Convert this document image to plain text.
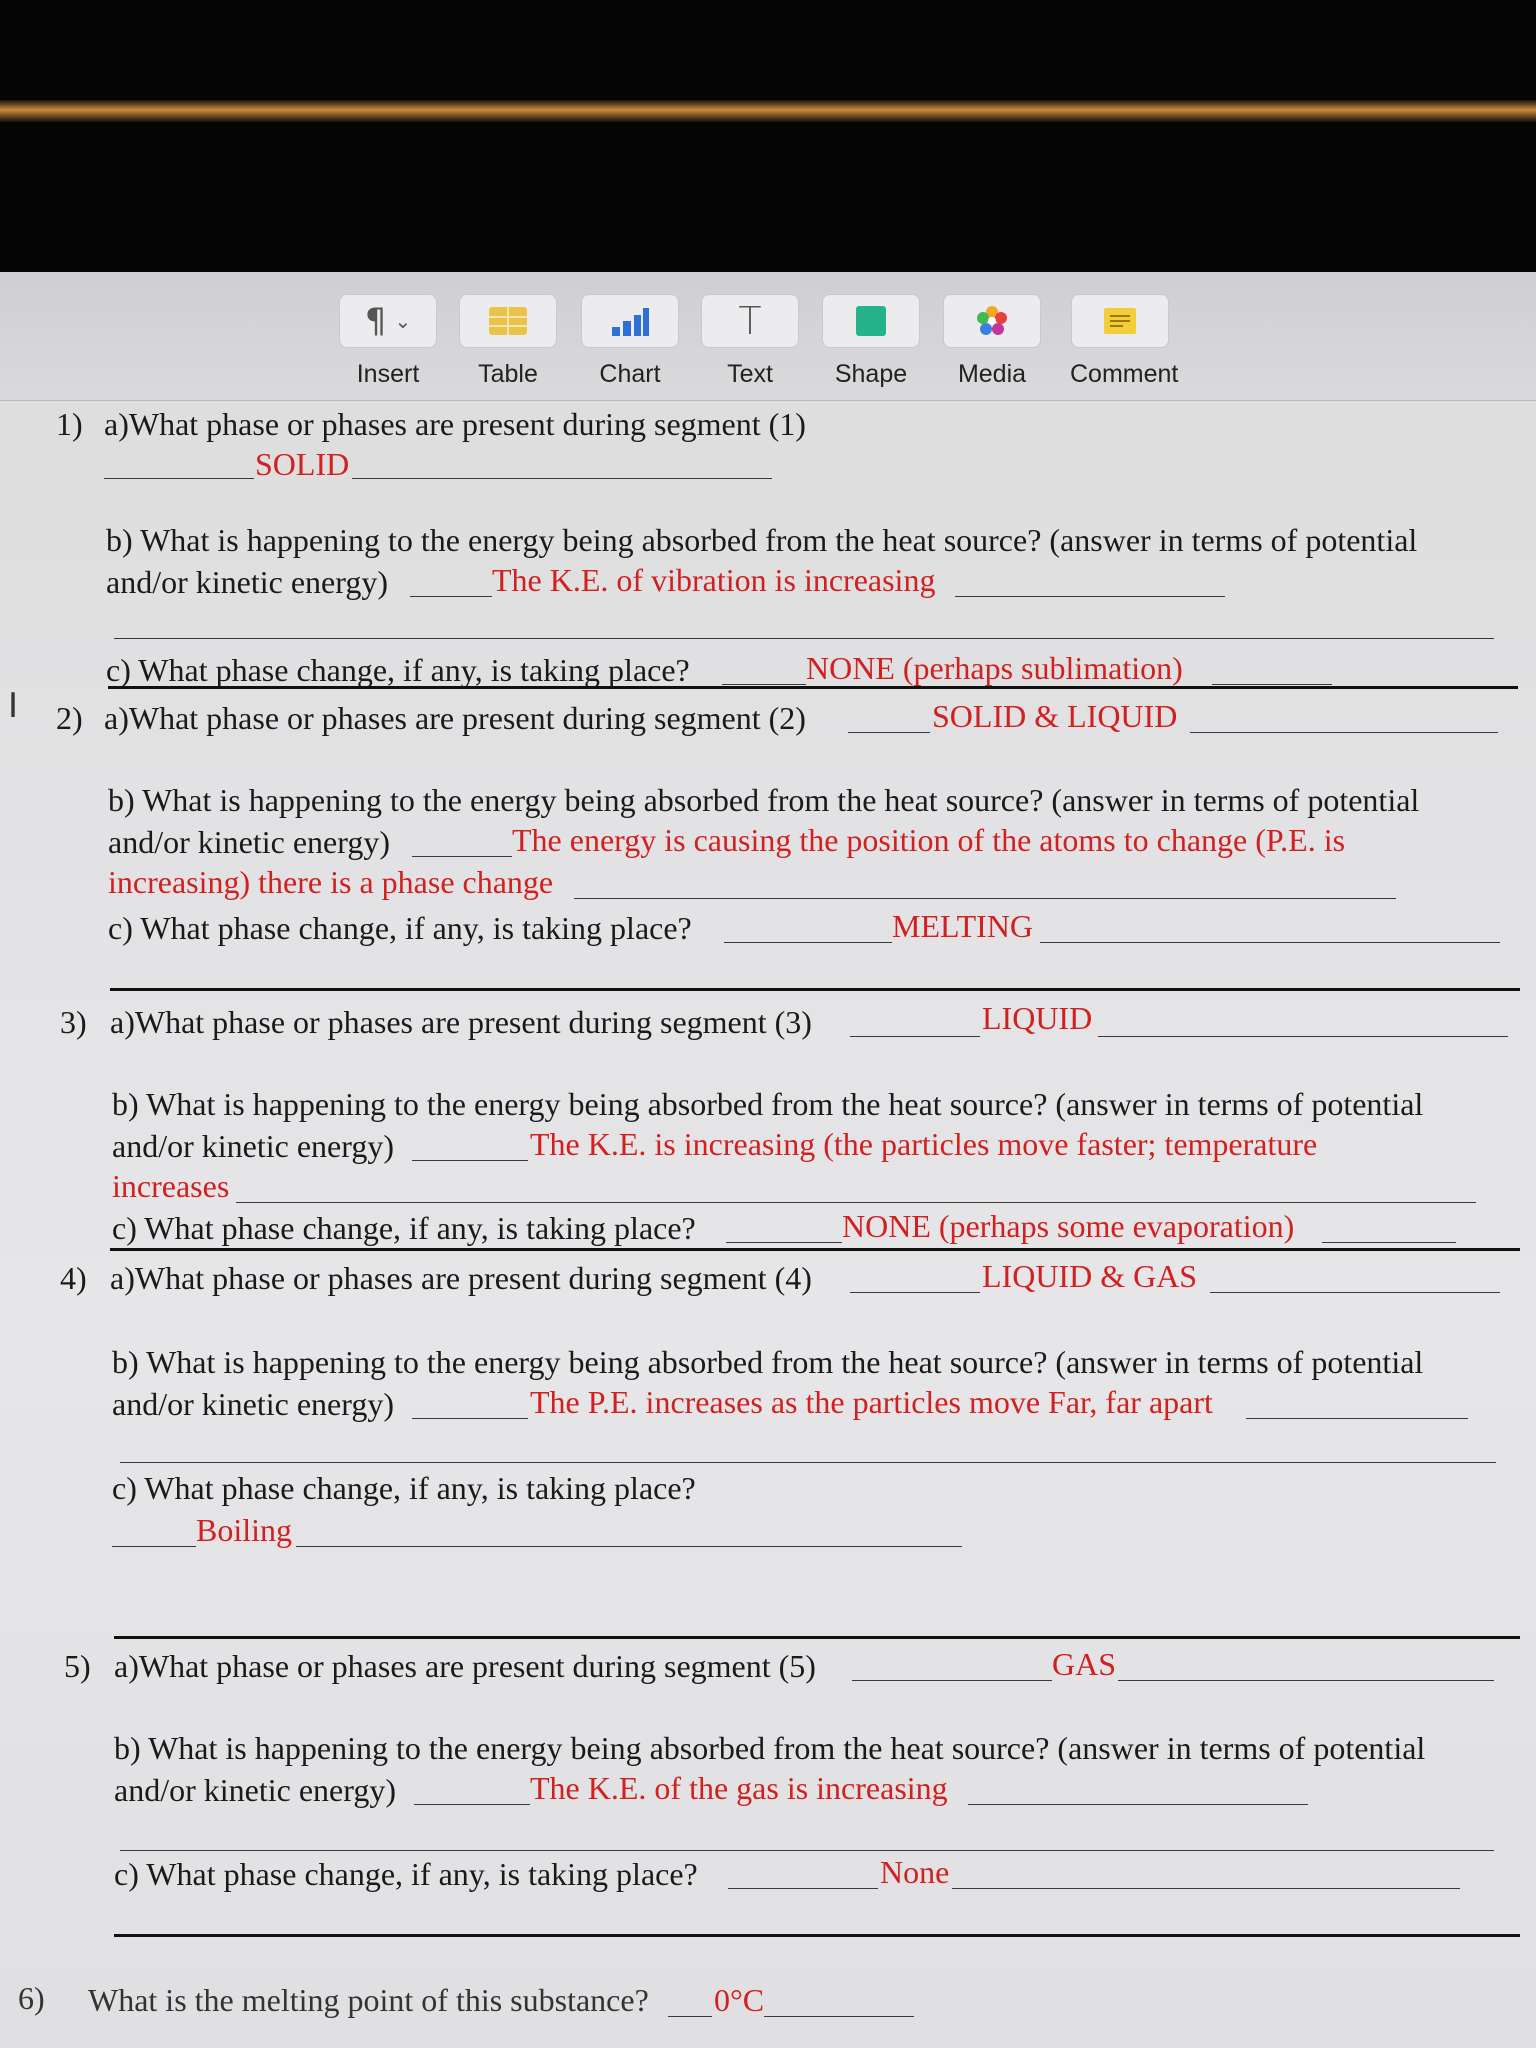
¶ ⌄
Insert	Table	Chart
T
Text	Shape	Media	Comment
I
1) a)What phase or phases are present during segment (1)
SOLID
b) What is happening to the energy being absorbed from the heat source? (answer in terms of potential
and/or kinetic energy)	The K.E. of vibration is increasing
c) What phase change, if any, is taking place?	NONE (perhaps sublimation)
2) a)What phase or phases are present during segment (2)	SOLID & LIQUID
b) What is happening to the energy being absorbed from the heat source? (answer in terms of potential
and/or kinetic energy)	The energy is causing the position of the atoms to change (P.E. is
increasing) there is a phase change
c) What phase change, if any, is taking place?	MELTING
3) a)What phase or phases are present during segment (3)	LIQUID
b) What is happening to the energy being absorbed from the heat source? (answer in terms of potential
and/or kinetic energy)	The K.E. is increasing (the particles move faster; temperature
increases
c) What phase change, if any, is taking place?	NONE (perhaps some evaporation)
4) a)What phase or phases are present during segment (4)	LIQUID & GAS
b) What is happening to the energy being absorbed from the heat source? (answer in terms of potential
and/or kinetic energy)	The P.E. increases as the particles move Far, far apart
c) What phase change, if any, is taking place?
Boiling
5) a)What phase or phases are present during segment (5)	GAS
b) What is happening to the energy being absorbed from the heat source? (answer in terms of potential
and/or kinetic energy)	The K.E. of the gas is increasing
c) What phase change, if any, is taking place?	None
6) What is the melting point of this substance? 0°C
